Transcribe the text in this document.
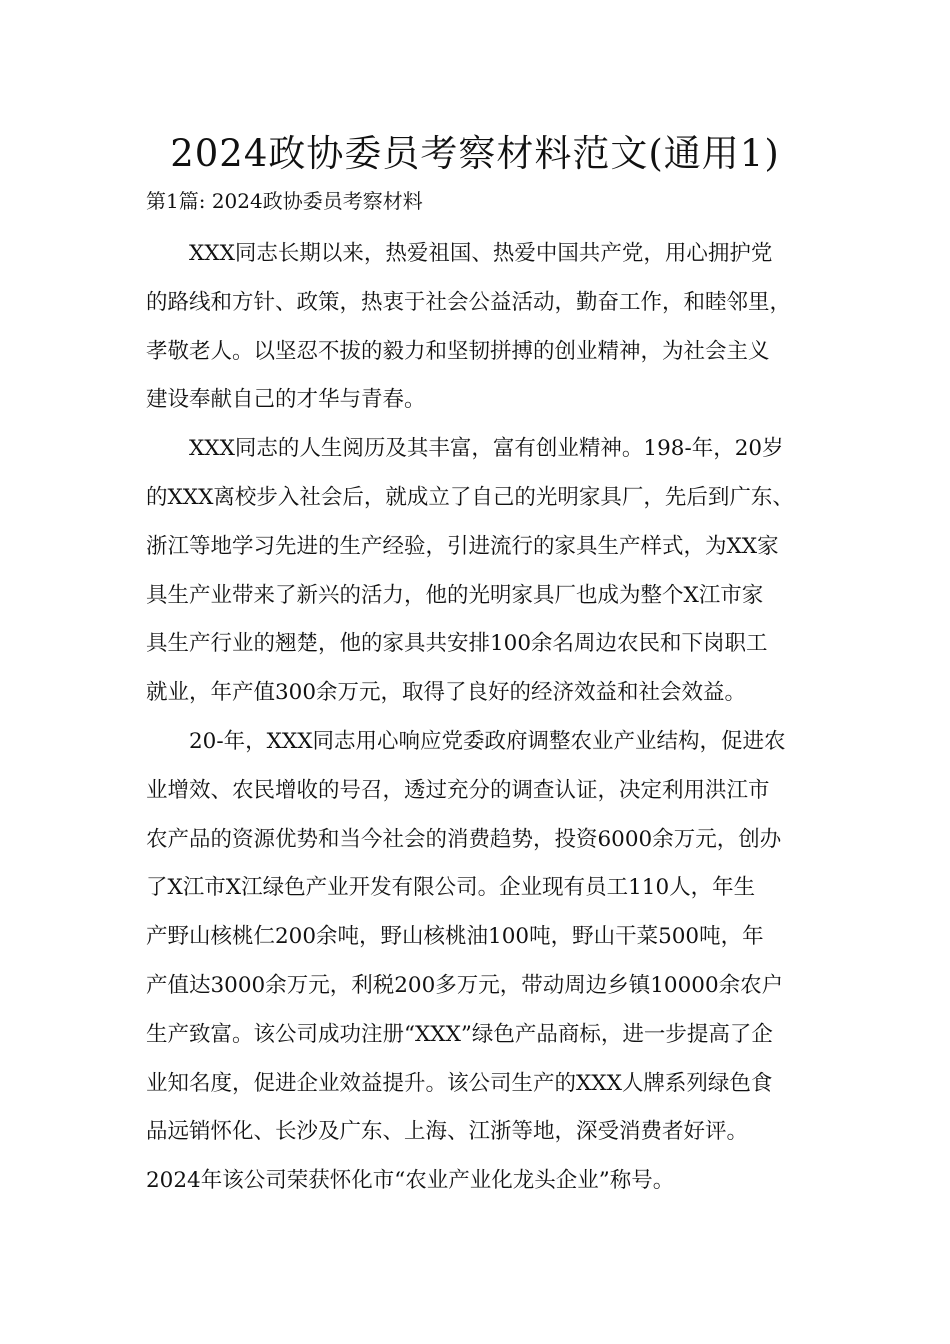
2024政协委员考察材料范文(通用1)
第1篇: 2024政协委员考察材料

XXX同志长期以来，热爱祖国、热爱中国共产党，用心拥护党
的路线和方针、政策，热衷于社会公益活动，勤奋工作，和睦邻里，
孝敬老人。以坚忍不拔的毅力和坚韧拼搏的创业精神，为社会主义
建设奉献自己的才华与青春。

XXX同志的人生阅历及其丰富，富有创业精神。198-年，20岁
的XXX离校步入社会后，就成立了自己的光明家具厂，先后到广东、
浙江等地学习先进的生产经验，引进流行的家具生产样式，为XX家
具生产业带来了新兴的活力，他的光明家具厂也成为整个X江市家
具生产行业的翘楚，他的家具共安排100余名周边农民和下岗职工
就业，年产值300余万元，取得了良好的经济效益和社会效益。

20-年，XXX同志用心响应党委政府调整农业产业结构，促进农
业增效、农民增收的号召，透过充分的调查认证，决定利用洪江市
农产品的资源优势和当今社会的消费趋势，投资6000余万元，创办
了X江市X江绿色产业开发有限公司。企业现有员工110人，年生
产野山核桃仁200余吨，野山核桃油100吨，野山干菜500吨，年
产值达3000余万元，利税200多万元，带动周边乡镇10000余农户
生产致富。该公司成功注册“XXX”绿色产品商标，进一步提高了企
业知名度，促进企业效益提升。该公司生产的XXX人牌系列绿色食
品远销怀化、长沙及广东、上海、江浙等地，深受消费者好评。
2024年该公司荣获怀化市“农业产业化龙头企业”称号。
